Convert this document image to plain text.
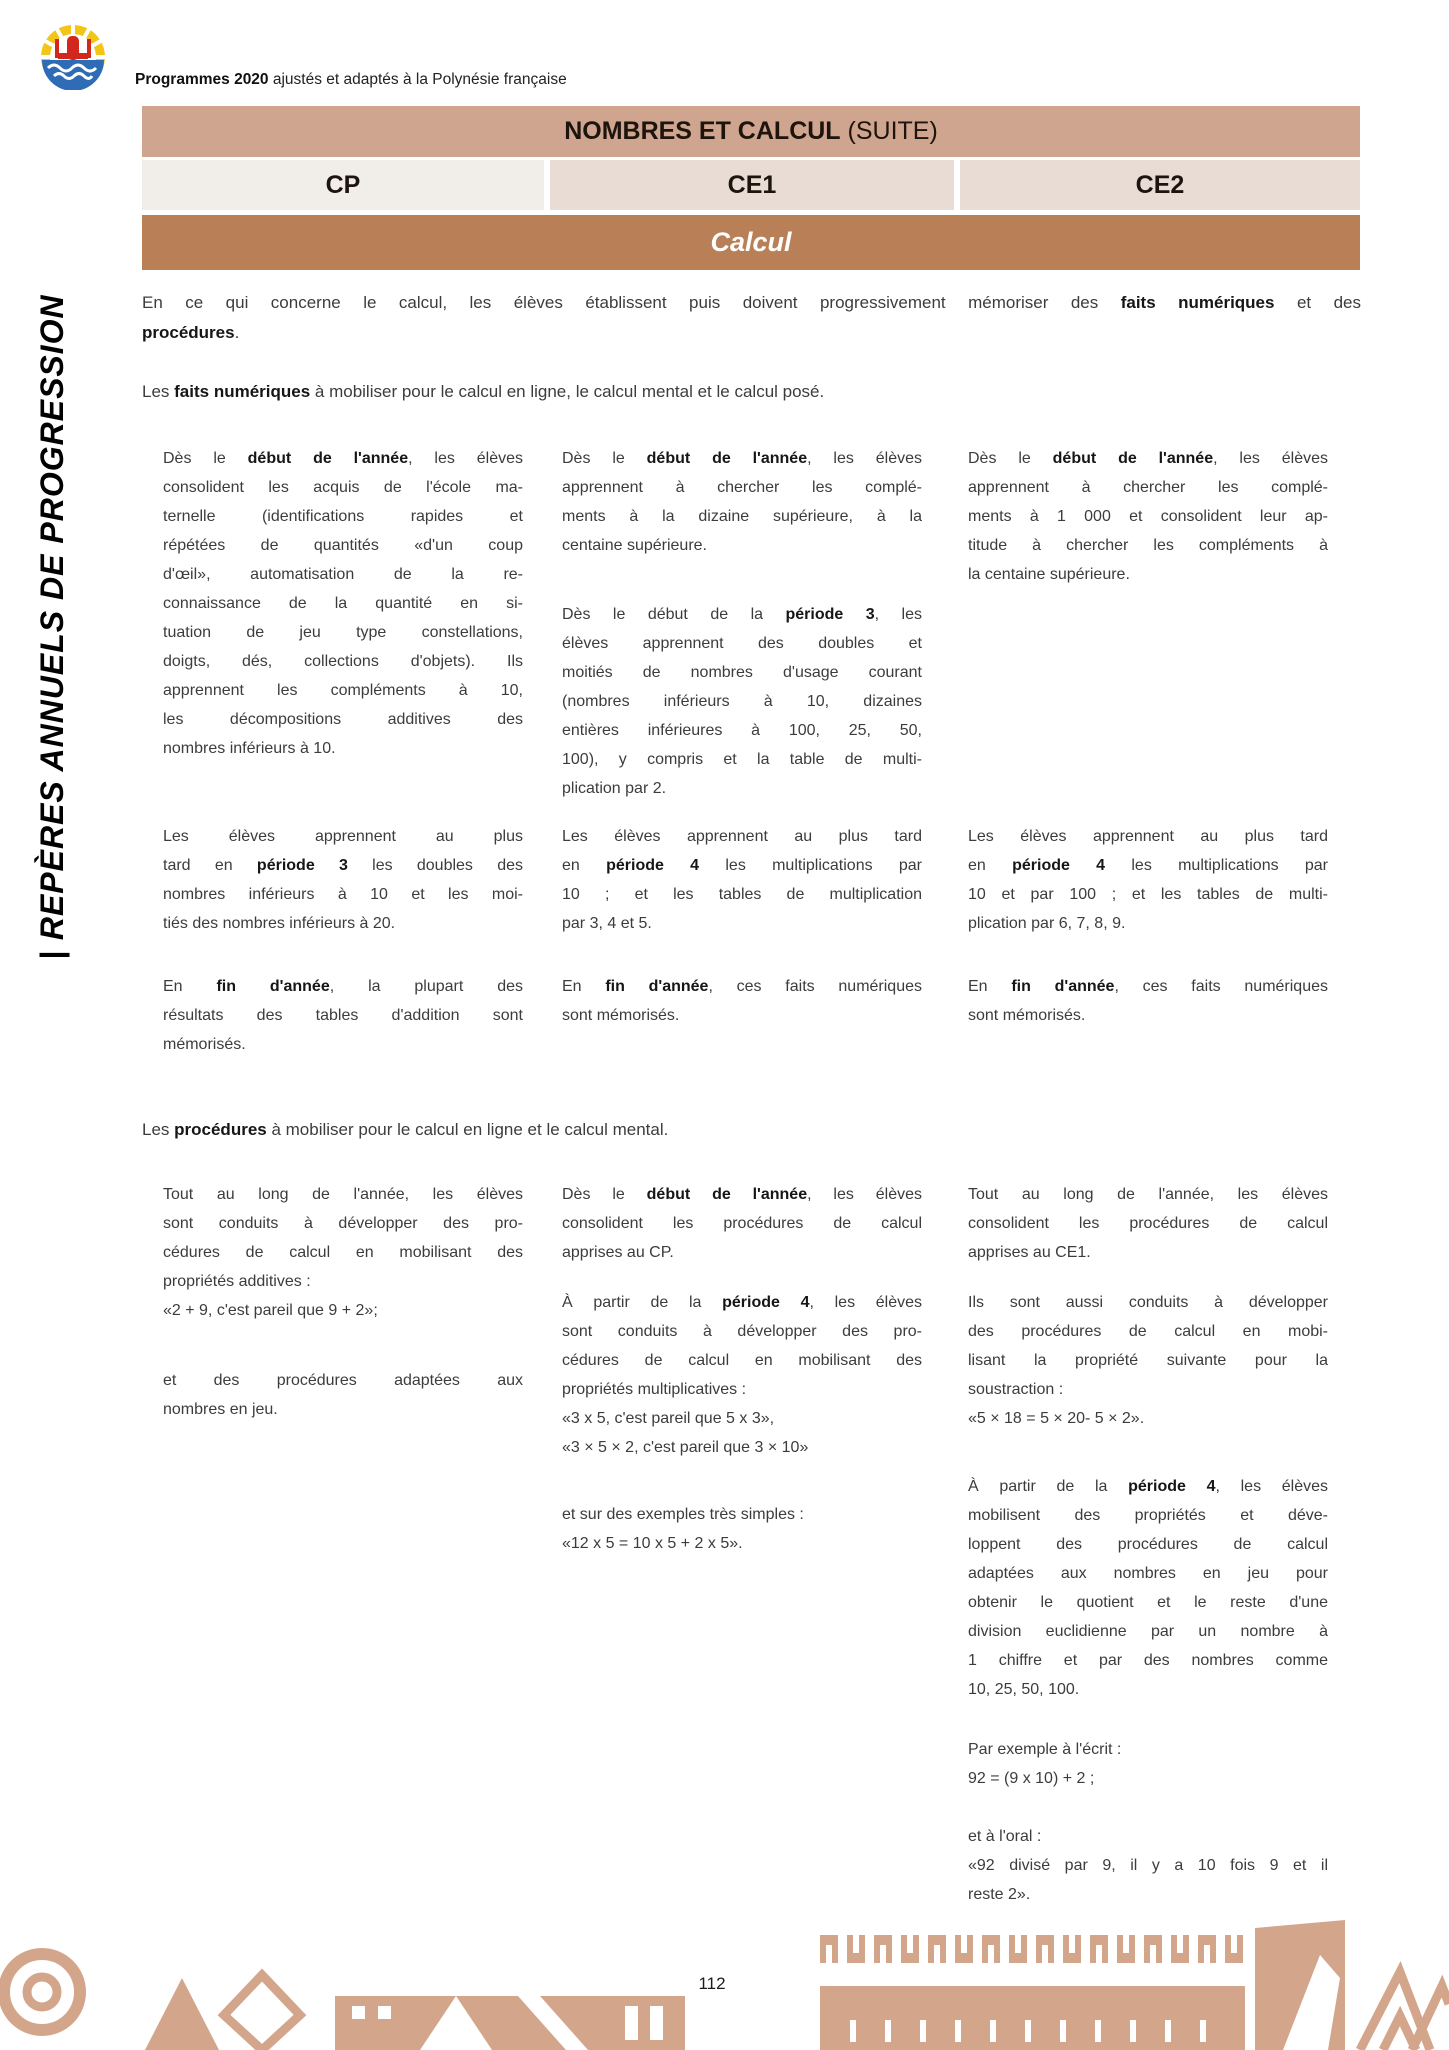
Programmes 2020 ajustés et adaptés à la Polynésie française
| REPÈRES ANNUELS DE PROGRESSION
NOMBRES ET CALCUL (SUITE)
CP	CE1	CE2
Calcul
En ce qui concerne le calcul, les élèves établissent puis doivent progressivement mémoriser des faits numériques et des
procédures.
Les faits numériques à mobiliser pour le calcul en ligne, le calcul mental et le calcul posé.
Les procédures à mobiliser pour le calcul en ligne et le calcul mental.
Dès le début de l'année, les élèves
consolident les acquis de l'école ma-
ternelle (identifications rapides et
répétées de quantités «d'un coup
d'œil», automatisation de la re-
connaissance de la quantité en si-
tuation de jeu type constellations,
doigts, dés, collections d'objets). Ils
apprennent les compléments à 10,
les décompositions additives des
nombres inférieurs à 10.
Les élèves apprennent au plus
tard en période 3 les doubles des
nombres inférieurs à 10 et les moi-
tiés des nombres inférieurs à 20.
En fin d'année, la plupart des
résultats des tables d'addition sont
mémorisés.
Dès le début de l'année, les élèves
apprennent à chercher les complé-
ments à la dizaine supérieure, à la
centaine supérieure.
Dès le début de la période 3, les
élèves apprennent des doubles et
moitiés de nombres d'usage courant
(nombres inférieurs à 10, dizaines
entières inférieures à 100, 25, 50,
100), y compris et la table de multi-
plication par 2.
Les élèves apprennent au plus tard
en période 4 les multiplications par
10 ; et les tables de multiplication
par 3, 4 et 5.
En fin d'année, ces faits numériques
sont mémorisés.
Dès le début de l'année, les élèves
apprennent à chercher les complé-
ments à 1 000 et consolident leur ap-
titude à chercher les compléments à
la centaine supérieure.
Les élèves apprennent au plus tard
en période 4 les multiplications par
10 et par 100 ; et les tables de multi-
plication par 6, 7, 8, 9.
En fin d'année, ces faits numériques
sont mémorisés.
Tout au long de l'année, les élèves
sont conduits à développer des pro-
cédures de calcul en mobilisant des
propriétés additives :
«2 + 9, c'est pareil que 9 + 2»;
et des procédures adaptées aux
nombres en jeu.
Dès le début de l'année, les élèves
consolident les procédures de calcul
apprises au CP.
À partir de la période 4, les élèves
sont conduits à développer des pro-
cédures de calcul en mobilisant des
propriétés multiplicatives :
«3 x 5, c'est pareil que 5 x 3»,
«3 × 5 × 2, c'est pareil que 3 × 10»
et sur des exemples très simples :
«12 x 5 = 10 x 5 + 2 x 5».
Tout au long de l'année, les élèves
consolident les procédures de calcul
apprises au CE1.
Ils sont aussi conduits à développer
des procédures de calcul en mobi-
lisant la propriété suivante pour la
soustraction :
«5 × 18 = 5 × 20- 5 × 2».
À partir de la période 4, les élèves
mobilisent des propriétés et déve-
loppent des procédures de calcul
adaptées aux nombres en jeu pour
obtenir le quotient et le reste d'une
division euclidienne par un nombre à
1 chiffre et par des nombres comme
10, 25, 50, 100.
Par exemple à l'écrit :
92 = (9 x 10) + 2 ;
et à l'oral :
«92 divisé par 9, il y a 10 fois 9 et il
reste 2».
112
